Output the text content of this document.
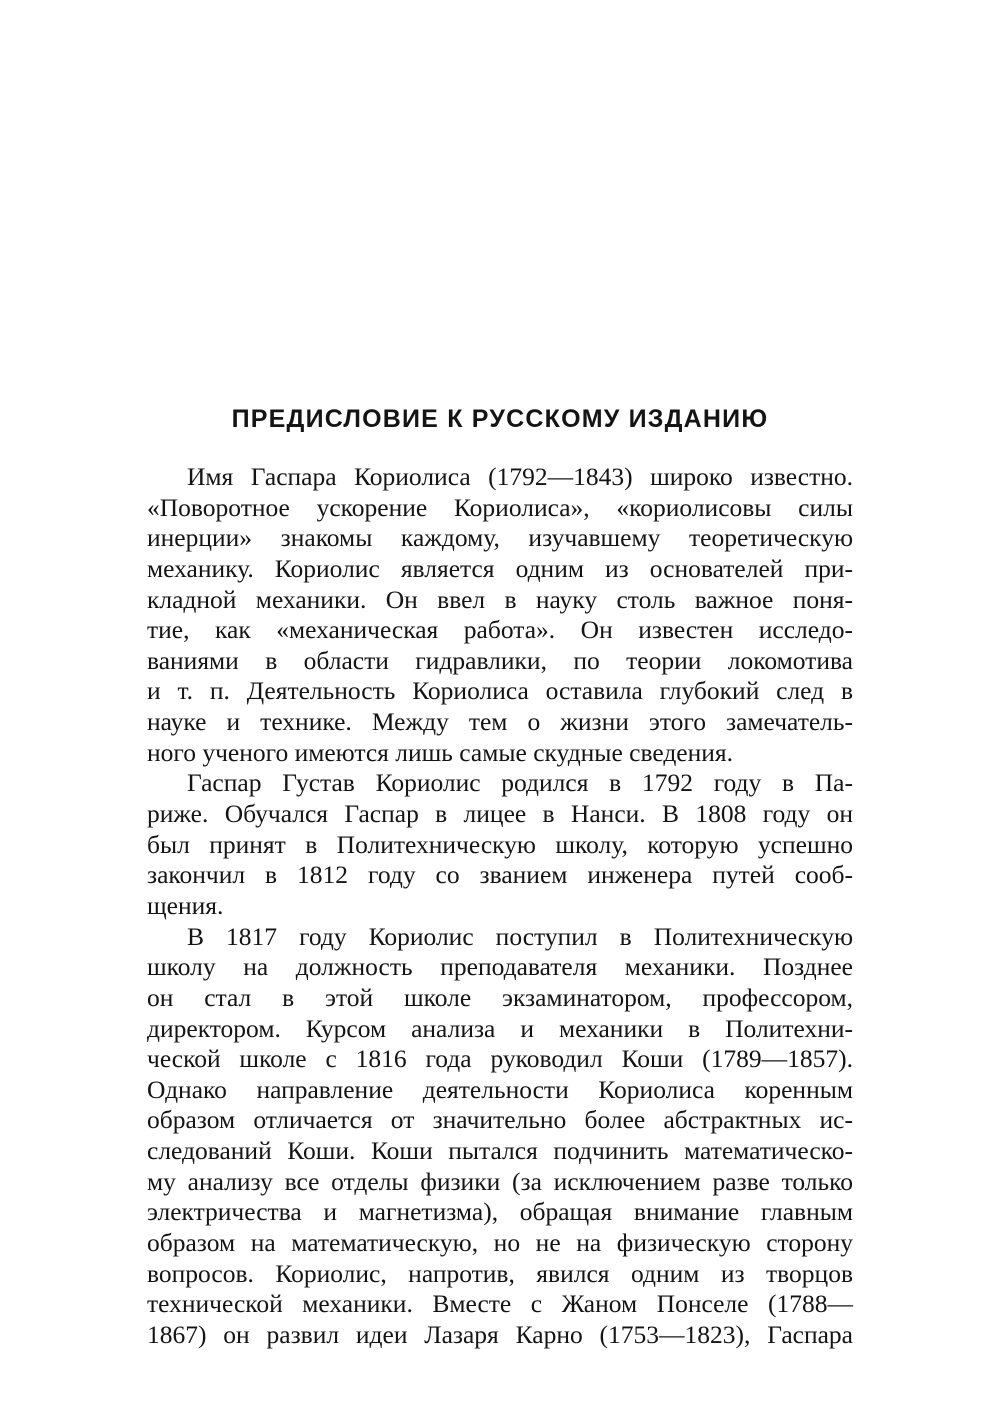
ПРЕДИСЛОВИЕ К РУССКОМУ ИЗДАНИЮ
Имя Гаспара Кориолиса (1792—1843) широко известно.
«Поворотное ускорение Кориолиса», «кориолисовы силы
инерции» знакомы каждому, изучавшему теоретическую
механику. Кориолис является одним из основателей при-
кладной механики. Он ввел в науку столь важное поня-
тие, как «механическая работа». Он известен исследо-
ваниями в области гидравлики, по теории локомотива
и т. п. Деятельность Кориолиса оставила глубокий след в
науке и технике. Между тем о жизни этого замечатель-
ного ученого имеются лишь самые скудные сведения.
Гаспар Густав Кориолис родился в 1792 году в Па-
риже. Обучался Гаспар в лицее в Нанси. В 1808 году он
был принят в Политехническую школу, которую успешно
закончил в 1812 году со званием инженера путей сооб-
щения.
В 1817 году Кориолис поступил в Политехническую
школу на должность преподавателя механики. Позднее
он стал в этой школе экзаминатором, профессором,
директором. Курсом анализа и механики в Политехни-
ческой школе с 1816 года руководил Коши (1789—1857).
Однако направление деятельности Кориолиса коренным
образом отличается от значительно более абстрактных ис-
следований Коши. Коши пытался подчинить математическо-
му анализу все отделы физики (за исключением разве только
электричества и магнетизма), обращая внимание главным
образом на математическую, но не на физическую сторону
вопросов. Кориолис, напротив, явился одним из творцов
технической механики. Вместе с Жаном Понселе (1788—
1867) он развил идеи Лазаря Карно (1753—1823), Гаспара
